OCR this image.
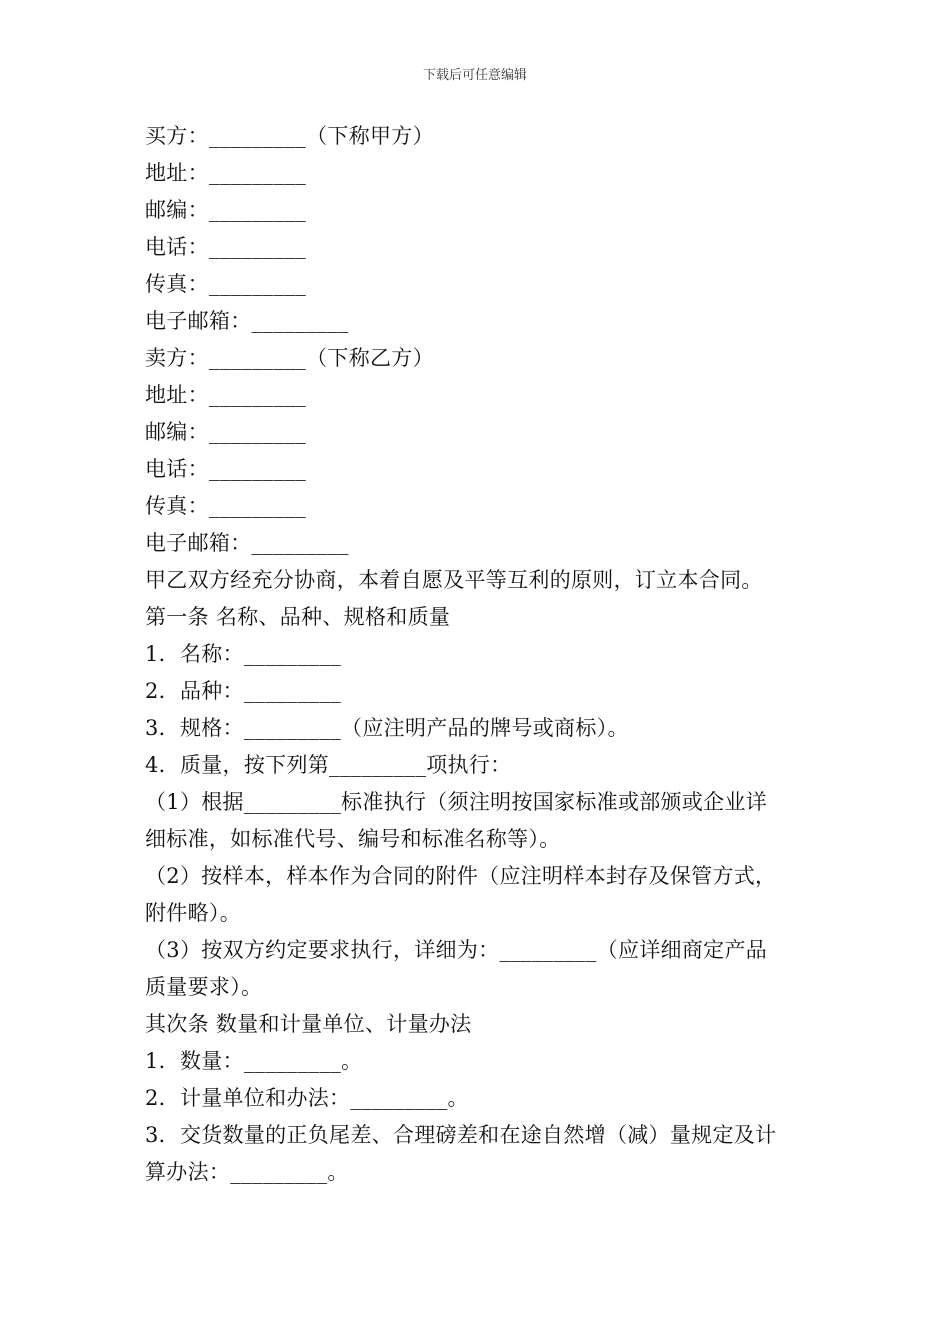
下载后可任意编辑
买方：_________（下称甲方）
地址：_________
邮编：_________
电话：_________
传真：_________
电子邮箱：_________
卖方：_________（下称乙方）
地址：_________
邮编：_________
电话：_________
传真：_________
电子邮箱：_________
甲乙双方经充分协商，本着自愿及平等互利的原则，订立本合同。
第一条 名称、品种、规格和质量
1．名称：_________
2．品种：_________
3．规格：_________（应注明产品的牌号或商标）。
4．质量，按下列第_________项执行：
（1）根据_________标准执行（须注明按国家标准或部颁或企业详
细标准，如标准代号、编号和标准名称等）。
（2）按样本，样本作为合同的附件（应注明样本封存及保管方式，
附件略）。
（3）按双方约定要求执行，详细为：_________（应详细商定产品
质量要求）。
其次条 数量和计量单位、计量办法
1．数量：_________。
2．计量单位和办法：_________。
3．交货数量的正负尾差、合理磅差和在途自然增（减）量规定及计
算办法：_________。
